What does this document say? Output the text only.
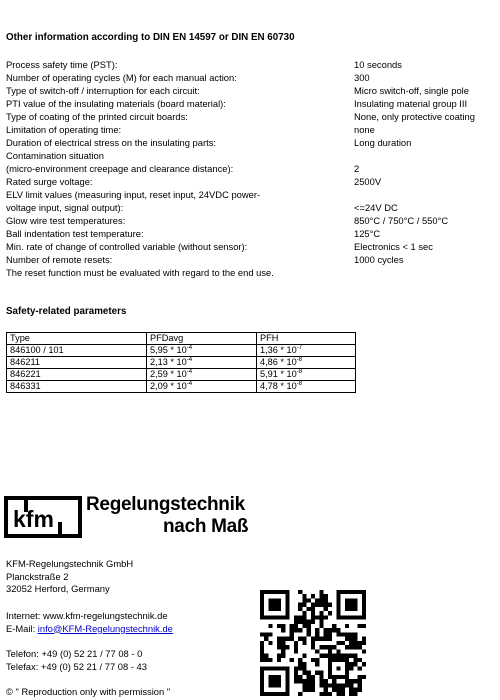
Other information according to DIN EN 14597 or DIN EN 60730
Process safety time (PST):	10 seconds
Number of operating cycles (M) for each manual action:	300
Type of switch-off / interruption for each circuit:	Micro switch-off, single pole
PTI value of the insulating materials (board material):	Insulating material group III
Type of coating of the printed circuit boards:	None, only protective coating
Limitation of operating time:	none
Duration of electrical stress on the insulating parts:	Long duration
Contamination situation
(micro-environment creepage and clearance distance):	2
Rated surge voltage:	2500V
ELV limit values (measuring input, reset input, 24VDC power-
voltage input, signal output):	<=24V DC
Glow wire test temperatures:	850°C / 750°C / 550°C
Ball indentation test temperature:	125°C
Min. rate of change of controlled variable (without sensor):	Electronics < 1 sec
Number of remote resets:	1000 cycles
The reset function must be evaluated with regard to the end use.
Safety-related parameters
Type	PFDavg	PFH
846100 / 101	$5,95 * 10^{-4}$	$1,36 * 10^{-7}$
846211	$2,13 * 10^{-4}$	$4,86 * 10^{-8}$
846221	$2,59 * 10^{-4}$	$5,91 * 10^{-8}$
846331	$2,09 * 10^{-4}$	$4,78 * 10^{-8}$
kfm
Regelungstechnik
nach Maß
KFM-Regelungstechnik GmbH
Planckstraße 2
32052 Herford, Germany
Internet: www.kfm-regelungstechnik.de
E-Mail: info@KFM-Regelungstechnik.de
Telefon: +49 (0) 52 21 / 77 08 - 0
Telefax: +49 (0) 52 21 / 77 08 - 43
© " Reproduction only with permission "
